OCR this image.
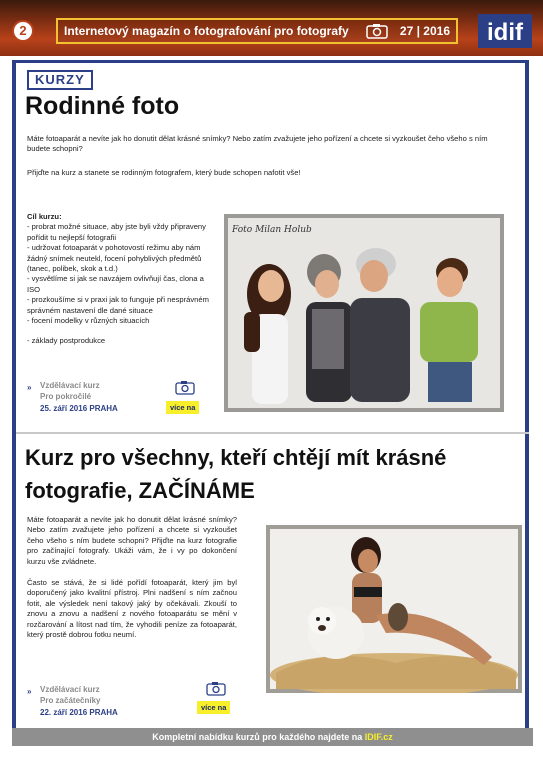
2	Internetový magazín o fotografování pro fotografy	27 | 2016 idif
KURZY
Rodinné foto
Máte fotoaparát a nevíte jak ho donutit dělat krásné snímky? Nebo zatím zvažujete jeho pořízení a chcete si vyzkoušet čeho všeho s ním budete schopni?
Přijďte na kurz a stanete se rodinným fotografem, který bude schopen nafotit vše!
Cíl kurzu:
- probrat možné situace, aby jste byli vždy připraveny pořídit tu nejlepší fotografii
- udržovat fotoaparát v pohotovostí režimu aby nám žádný snímek neutekl, focení pohyblivých předmětů (tanec, polibek, skok a t.d.)
- vysvětlíme si jak se navzájem ovlivňují čas, clona a ISO
- prozkoušíme si v praxi jak to funguje při nesprávném správném nastavení dle dané situace
- focení modelky v různých situacích
- základy postprodukce
Foto Milan Holub
» Vzdělávací kurz
Pro pokročilé
25. září 2016 PRAHA	více na
Kurz pro všechny, kteří chtějí mít krásné fotografie, ZAČÍNÁME
Máte fotoaparát a nevíte jak ho donutit dělat krásné snímky? Nebo zatím zvažujete jeho pořízení a chcete si vyzkoušet čeho všeho s ním budete schopni? Přijďte na kurz fotografie pro začínající fotografy. Ukáži vám, že i vy po dokončení kurzu vše zvládnete.
Často se stává, že si lidé pořídí fotoaparát, který jim byl doporučený jako kvalitní přístroj. Plni nadšení s ním začnou fotit, ale výsledek není takový jaký by očekávali. Zkouší to znovu a znovu a nadšení z nového fotoaparátu se mění v rozčarování a lítost nad tím, že vyhodili peníze za fotoaparát, který prostě dobrou fotku neumí.
» Vzdělávací kurz
Pro začátečníky
22. září 2016 PRAHA
více na
Kompletní nabídku kurzů pro každého najdete na IDIF.cz
